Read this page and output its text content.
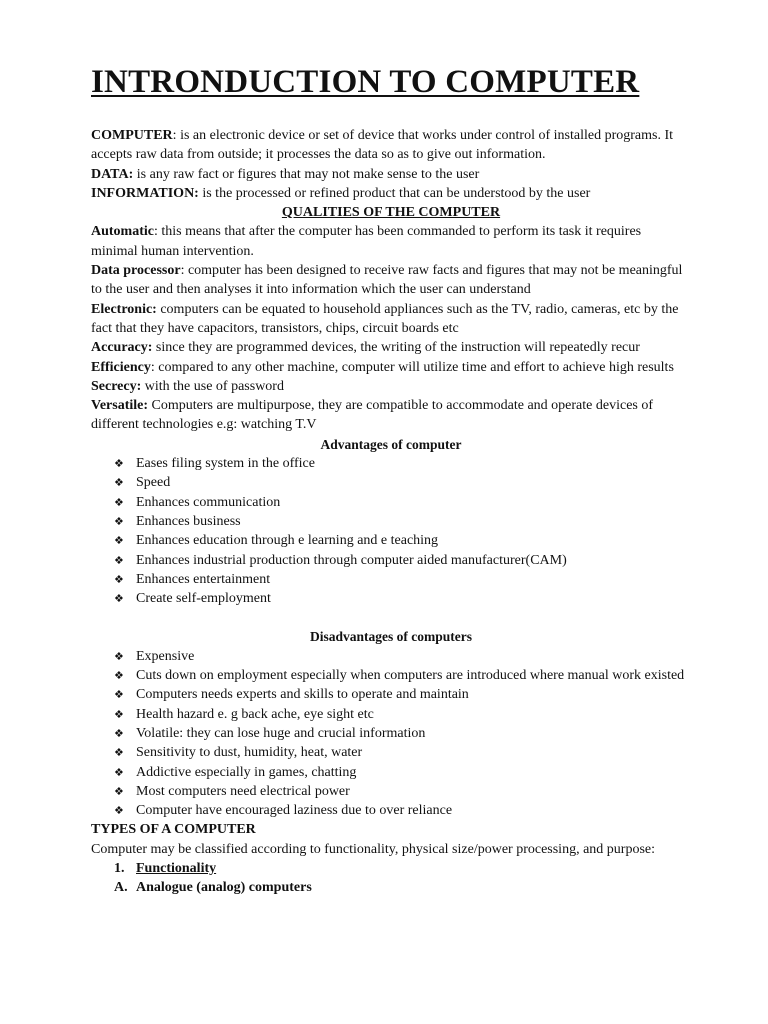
INTRONDUCTION TO COMPUTER

COMPUTER: is an electronic device or set of device that works under control of installed programs. It accepts raw data from outside; it processes the data so as to give out information.

DATA: is any raw fact or figures that may not make sense to the user

INFORMATION: is the processed or refined product that can be understood by the user

QUALITIES OF THE COMPUTER

Automatic: this means that after the computer has been commanded to perform its task it requires minimal human intervention.

Data processor: computer has been designed to receive raw facts and figures that may not be meaningful to the user and then analyses it into information which the user can understand

Electronic: computers can be equated to household appliances such as the TV, radio, cameras, etc by the fact that they have capacitors, transistors, chips, circuit boards etc

Accuracy: since they are programmed devices, the writing of the instruction will repeatedly recur

Efficiency: compared to any other machine, computer will utilize time and effort to achieve high results

Secrecy: with the use of password

Versatile: Computers are multipurpose, they are compatible to accommodate and operate devices of different technologies e.g: watching T.V

Advantages of computer

❖ Eases filing system in the office
❖ Speed
❖ Enhances communication
❖ Enhances business
❖ Enhances education through e learning and e teaching
❖ Enhances industrial production through computer aided manufacturer(CAM)
❖ Enhances entertainment
❖ Create self-employment

Disadvantages of computers

❖ Expensive
❖ Cuts down on employment especially when computers are introduced where manual work existed
❖ Computers needs experts and skills to operate and maintain
❖ Health hazard e. g back ache, eye sight etc
❖ Volatile: they can lose huge and crucial information
❖ Sensitivity to dust, humidity, heat, water
❖ Addictive especially in games, chatting
❖ Most computers need electrical power
❖ Computer have encouraged laziness due to over reliance

TYPES OF A COMPUTER

Computer may be classified according to functionality, physical size/power processing, and purpose:

1. Functionality
A. Analogue (analog) computers
